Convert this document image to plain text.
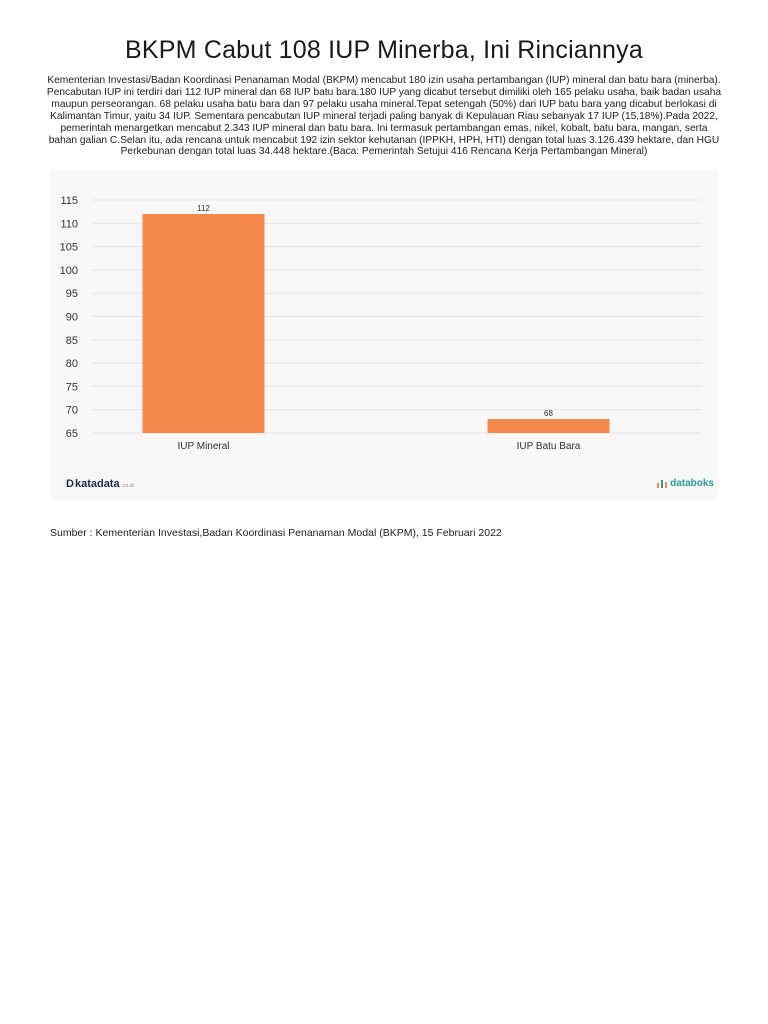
BKPM Cabut 108 IUP Minerba, Ini Rinciannya
Kementerian Investasi/Badan Koordinasi Penanaman Modal (BKPM) mencabut 180 izin usaha pertambangan (IUP) mineral dan batu bara (minerba). Pencabutan IUP ini terdiri dari 112 IUP mineral dan 68 IUP batu bara.180 IUP yang dicabut tersebut dimiliki oleh 165 pelaku usaha, baik badan usaha maupun perseorangan. 68 pelaku usaha batu bara dan 97 pelaku usaha mineral.Tepat setengah (50%) dari IUP batu bara yang dicabut berlokasi di Kalimantan Timur, yaitu 34 IUP. Sementara pencabutan IUP mineral terjadi paling banyak di Kepulauan Riau sebanyak 17 IUP (15,18%).Pada 2022, pemerintah menargetkan mencabut 2.343 IUP mineral dan batu bara. Ini termasuk pertambangan emas, nikel, kobalt, batu bara, mangan, serta bahan galian C.Selan itu, ada rencana untuk mencabut 192 izin sektor kehutanan (IPPKH, HPH, HTI) dengan total luas 3.126.439 hektare, dan HGU Perkebunan dengan total luas 34.448 hektare.(Baca: Pemerintah Setujui 416 Rencana Kerja Pertambangan Mineral)
65
70
75
80
85
90
95
100
105
110
115
112
IUP Mineral
68
IUP Batu Bara
D katadata .co.id	databoks
Sumber : Kementerian Investasi,Badan Koordinasi Penanaman Modal (BKPM), 15 Februari 2022
